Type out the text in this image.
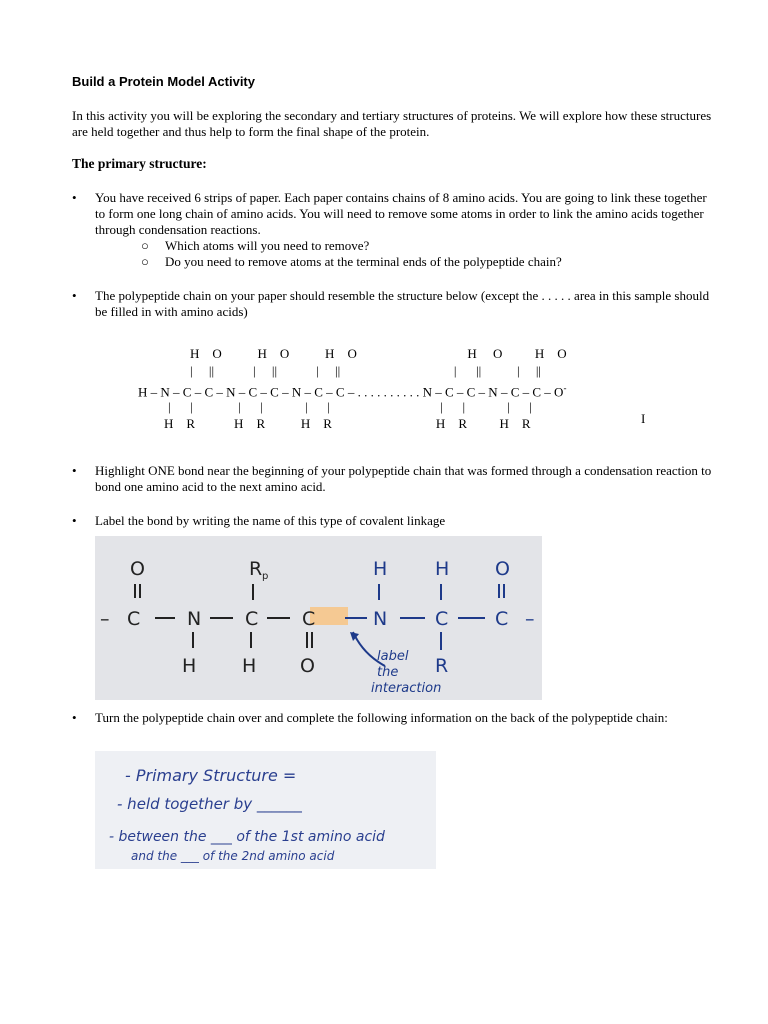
Build a Protein Model Activity
In this activity you will be exploring the secondary and tertiary structures of proteins. We will explore how these structures are held together and thus help to form the final shape of the protein.
The primary structure:
•	You have received 6 strips of paper. Each paper contains chains of 8 amino acids. You are going to link these together to form one long chain of amino acids. You will need to remove some atoms in order to link the amino acids together through condensation reactions.
○ Which atoms will you need to remove?
○ Do you need to remove atoms at the terminal ends of the polypeptide chain?
•	The polypeptide chain on your paper should resemble the structure below (except the . . . . . area in this sample should be filled in with amino acids)
H    O           H    O           H    O                                  H     O          H    O
|     ||            |     ||            |     ||                                   |      ||           |     ||
H – N – C – C – N – C – C – N – C – C – . . . . . . . . . . N – C – C – N – C – C – O-
|      |              |      |             |      |                                  |      |             |      |
H    R            H    R           H    R                                H    R          H    R	I
•	Highlight ONE bond near the beginning of your polypeptide chain that was formed through a condensation reaction to bond one amino acid to the next amino acid.
•	Label the bond by writing the name of this type of covalent linkage
O	R p	H	H O
– C N C C	N	C C –
H H O	R
label
the
interaction
•	Turn the polypeptide chain over and complete the following information on the back of the polypeptide chain:
- Primary Structure =
- held together by ______
- between the ___ of the 1st amino acid
and the ___ of the 2nd amino acid
